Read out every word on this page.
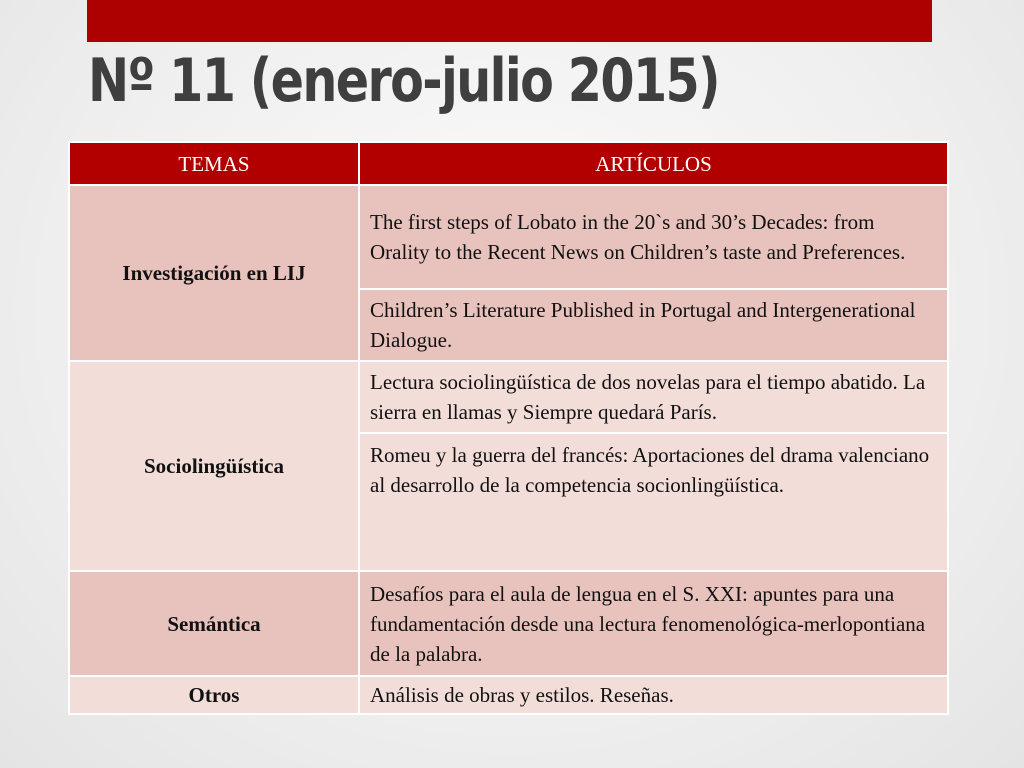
Nº 11 (enero-julio 2015)
TEMAS	ARTÍCULOS
Investigación en LIJ	The first steps of Lobato in the 20`s and 30’s Decades: from Orality to the Recent News on Children’s taste and Preferences.
	Children’s Literature Published in Portugal and Intergenerational Dialogue.
Sociolingüística	Lectura sociolingüística de dos novelas para el tiempo abatido. La sierra en llamas y Siempre quedará París.
	Romeu y la guerra del francés: Aportaciones del drama valenciano al desarrollo de la competencia socionlingüística.
Semántica	Desafíos para el aula de lengua en el S. XXI: apuntes para una fundamentación desde una lectura fenomenológica-merlopontiana de la palabra.
Otros	Análisis de obras y estilos. Reseñas.
